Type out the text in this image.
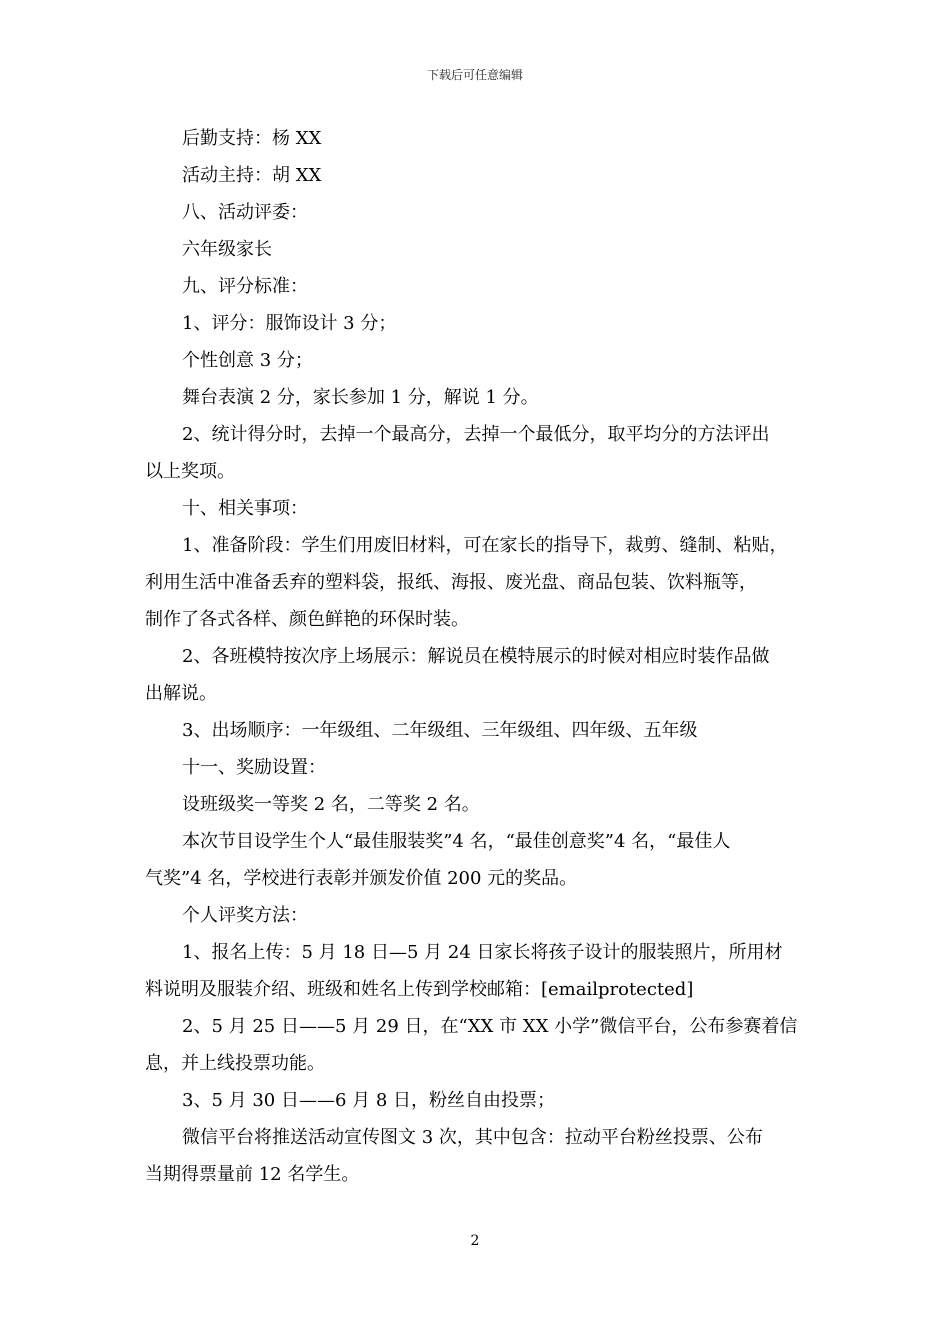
下载后可任意编辑
后勤支持：杨 XX
活动主持：胡 XX
八、活动评委：
六年级家长
九、评分标准：
1、评分：服饰设计 3 分；
个性创意 3 分；
舞台表演 2 分，家长参加 1 分，解说 1 分。
2、统计得分时，去掉一个最高分，去掉一个最低分，取平均分的方法评出
以上奖项。
十、相关事项：
1、准备阶段：学生们用废旧材料，可在家长的指导下，裁剪、缝制、粘贴，
利用生活中准备丢弃的塑料袋，报纸、海报、废光盘、商品包装、饮料瓶等，
制作了各式各样、颜色鲜艳的环保时装。
2、各班模特按次序上场展示：解说员在模特展示的时候对相应时装作品做
出解说。
3、出场顺序：一年级组、二年级组、三年级组、四年级、五年级
十一、奖励设置：
设班级奖一等奖 2 名，二等奖 2 名。
本次节目设学生个人“最佳服装奖”4 名，“最佳创意奖”4 名，“最佳人
气奖”4 名，学校进行表彰并颁发价值 200 元的奖品。
个人评奖方法：
1、报名上传：5 月 18 日—5 月 24 日家长将孩子设计的服装照片，所用材
料说明及服装介绍、班级和姓名上传到学校邮箱：[emailprotected]
2、5 月 25 日——5 月 29 日，在“XX 市 XX 小学”微信平台，公布参赛着信
息，并上线投票功能。
3、5 月 30 日——6 月 8 日，粉丝自由投票；
微信平台将推送活动宣传图文 3 次，其中包含：拉动平台粉丝投票、公布
当期得票量前 12 名学生。
2
